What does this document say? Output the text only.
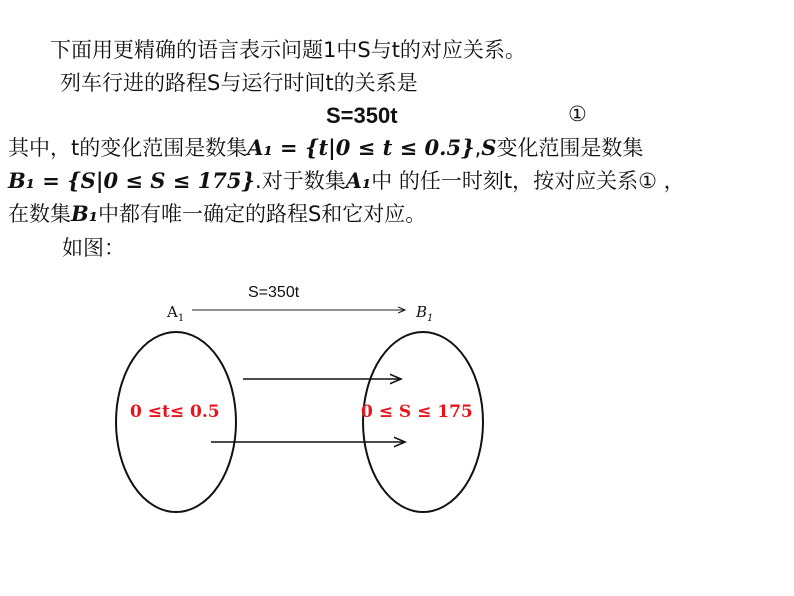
下面用更精确的语言表示问题1中S与t的对应关系。
列车行进的路程S与运行时间t的关系是
S=350t	①
其中，t的变化范围是数集A₁ = {t|0 ≤ t ≤ 0.5},S变化范围是数集
B₁ = {S|0 ≤ S ≤ 175}.对于数集A₁中 的任一时刻t，按对应关系① ，
在数集B₁中都有唯一确定的路程S和它对应。
如图：
S=350t
$A_1$	$B_1$
0 ≤t≤ 0.5	0 ≤ S ≤ 175
